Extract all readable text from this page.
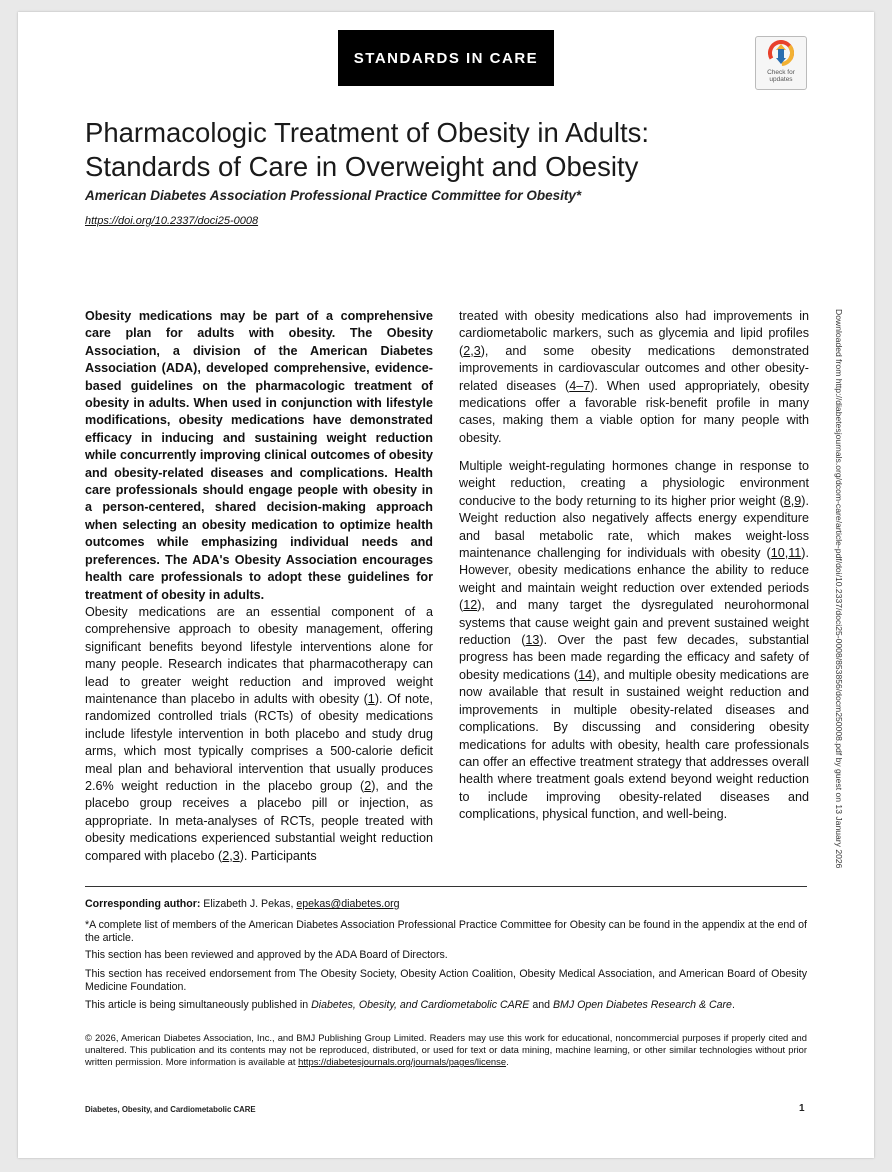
STANDARDS IN CARE
Check for
updates
Pharmacologic Treatment of Obesity in Adults:
Standards of Care in Overweight and Obesity
American Diabetes Association Professional Practice Committee for Obesity*
https://doi.org/10.2337/doci25-0008

Obesity medications may be part of a comprehensive care plan for adults with obesity. The Obesity Association, a division of the American Diabetes Association (ADA), developed comprehensive, evidence-based guidelines on the pharmacologic treatment of obesity in adults. When used in conjunction with lifestyle modifications, obesity medications have demonstrated efficacy in inducing and sustaining weight reduction while concurrently improving clinical outcomes of obesity and obesity-related diseases and complications. Health care professionals should engage people with obesity in a person-centered, shared decision-making approach when selecting an obesity medication to optimize health outcomes while emphasizing individual needs and preferences. The ADA's Obesity Association encourages health care professionals to adopt these guidelines for treatment of obesity in adults.

Obesity medications are an essential component of a comprehensive approach to obesity management, offering significant benefits beyond lifestyle interventions alone for many people. Research indicates that pharmacotherapy can lead to greater weight reduction and improved weight maintenance than placebo in adults with obesity (1). Of note, randomized controlled trials (RCTs) of obesity medications include lifestyle intervention in both placebo and study drug arms, which most typically comprises a 500-calorie deficit meal plan and behavioral intervention that usually produces 2.6% weight reduction in the placebo group (2), and the placebo group receives a placebo pill or injection, as appropriate. In meta-analyses of RCTs, people treated with obesity medications experienced substantial weight reduction compared with placebo (2,3). Participants

treated with obesity medications also had improvements in cardiometabolic markers, such as glycemia and lipid profiles (2,3), and some obesity medications demonstrated improvements in cardiovascular outcomes and other obesity-related diseases (4–7). When used appropriately, obesity medications offer a favorable risk-benefit profile in many cases, making them a viable option for many people with obesity.

Multiple weight-regulating hormones change in response to weight reduction, creating a physiologic environment conducive to the body returning to its higher prior weight (8,9). Weight reduction also negatively affects energy expenditure and basal metabolic rate, which makes weight-loss maintenance challenging for individuals with obesity (10,11). However, obesity medications enhance the ability to reduce weight and maintain weight reduction over extended periods (12), and many target the dysregulated neurohormonal systems that cause weight gain and prevent sustained weight reduction (13). Over the past few decades, substantial progress has been made regarding the efficacy and safety of obesity medications (14), and multiple obesity medications are now available that result in sustained weight reduction and improvements in multiple obesity-related diseases and complications. By discussing and considering obesity medications for adults with obesity, health care professionals can offer an effective treatment strategy that addresses overall health where treatment goals extend beyond weight reduction to include improving obesity-related diseases and complications, physical function, and well-being.

Corresponding author: Elizabeth J. Pekas, epekas@diabetes.org
*A complete list of members of the American Diabetes Association Professional Practice Committee for Obesity can be found in the appendix at the end of the article.
This section has been reviewed and approved by the ADA Board of Directors.
This section has received endorsement from The Obesity Society, Obesity Action Coalition, Obesity Medical Association, and American Board of Obesity Medicine Foundation.
This article is being simultaneously published in Diabetes, Obesity, and Cardiometabolic CARE and BMJ Open Diabetes Research & Care.
© 2026, American Diabetes Association, Inc., and BMJ Publishing Group Limited. Readers may use this work for educational, noncommercial purposes if properly cited and unaltered. This publication and its contents may not be reproduced, distributed, or used for text or data mining, machine learning, or other similar technologies without prior written permission. More information is available at https://diabetesjournals.org/journals/pages/license.
Diabetes, Obesity, and Cardiometabolic CARE	1
Downloaded from http://diabetesjournals.org/dcom-care/article-pdf/doi/10.2337/doci25-0008/853856/docm250008.pdf by guest on 13 January 2026
